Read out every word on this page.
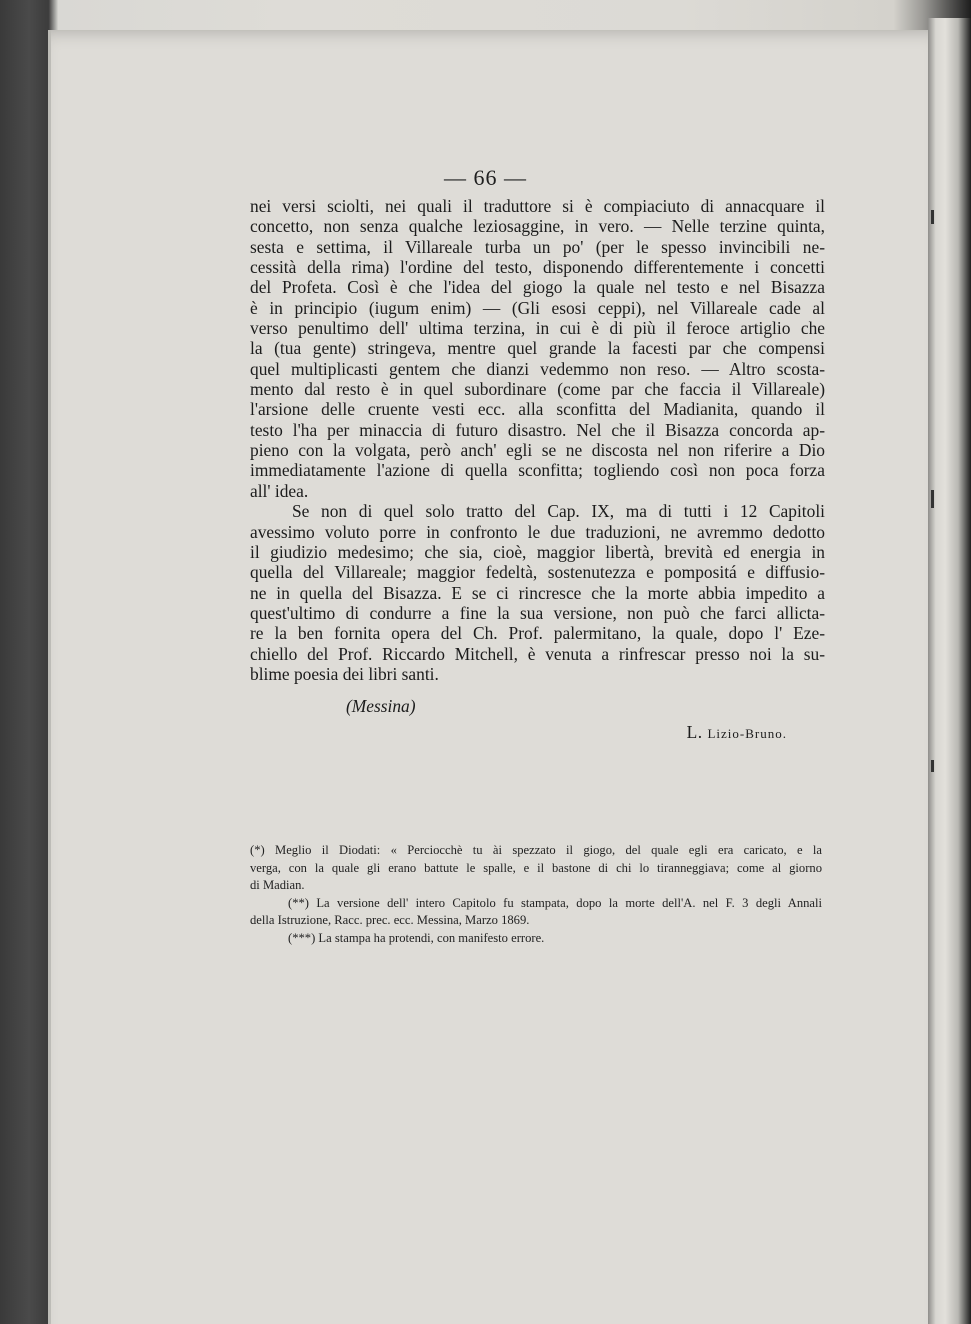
— 66 —
nei versi sciolti, nei quali il traduttore si è compiaciuto di annacquare il
concetto, non senza qualche leziosaggine, in vero. — Nelle terzine quinta,
sesta e settima, il Villareale turba un po' (per le spesso invincibili ne-
cessità della rima) l'ordine del testo, disponendo differentemente i concetti
del Profeta. Così è che l'idea del giogo la quale nel testo e nel Bisazza
è in principio (iugum enim) — (Gli esosi ceppi), nel Villareale cade al
verso penultimo dell' ultima terzina, in cui è di più il feroce artiglio che
la (tua gente) stringeva, mentre quel grande la facesti par che compensi
quel multiplicasti gentem che dianzi vedemmo non reso. — Altro scosta-
mento dal resto è in quel subordinare (come par che faccia il Villareale)
l'arsione delle cruente vesti ecc. alla sconfitta del Madianita, quando il
testo l'ha per minaccia di futuro disastro. Nel che il Bisazza concorda ap-
pieno con la volgata, però anch' egli se ne discosta nel non riferire a Dio
immediatamente l'azione di quella sconfitta; togliendo così non poca forza
all' idea.
Se non di quel solo tratto del Cap. IX, ma di tutti i 12 Capitoli
avessimo voluto porre in confronto le due traduzioni, ne avremmo dedotto
il giudizio medesimo; che sia, cioè, maggior libertà, brevità ed energia in
quella del Villareale; maggior fedeltà, sostenutezza e pompositá e diffusio-
ne in quella del Bisazza. E se ci rincresce che la morte abbia impedito a
quest'ultimo di condurre a fine la sua versione, non può che farci allicta-
re la ben fornita opera del Ch. Prof. palermitano, la quale, dopo l' Eze-
chiello del Prof. Riccardo Mitchell, è venuta a rinfrescar presso noi la su-
blime poesia dei libri santi.
(Messina)
L. Lizio-Bruno.
(*) Meglio il Diodati: « Perciocchè tu ài spezzato il giogo, del quale egli era caricato, e la
verga, con la quale gli erano battute le spalle, e il bastone di chi lo tiranneggiava; come al giorno
di Madian.
(**) La versione dell' intero Capitolo fu stampata, dopo la morte dell'A. nel F. 3 degli Annali
della Istruzione, Racc. prec. ecc. Messina, Marzo 1869.
(***) La stampa ha protendi, con manifesto errore.
